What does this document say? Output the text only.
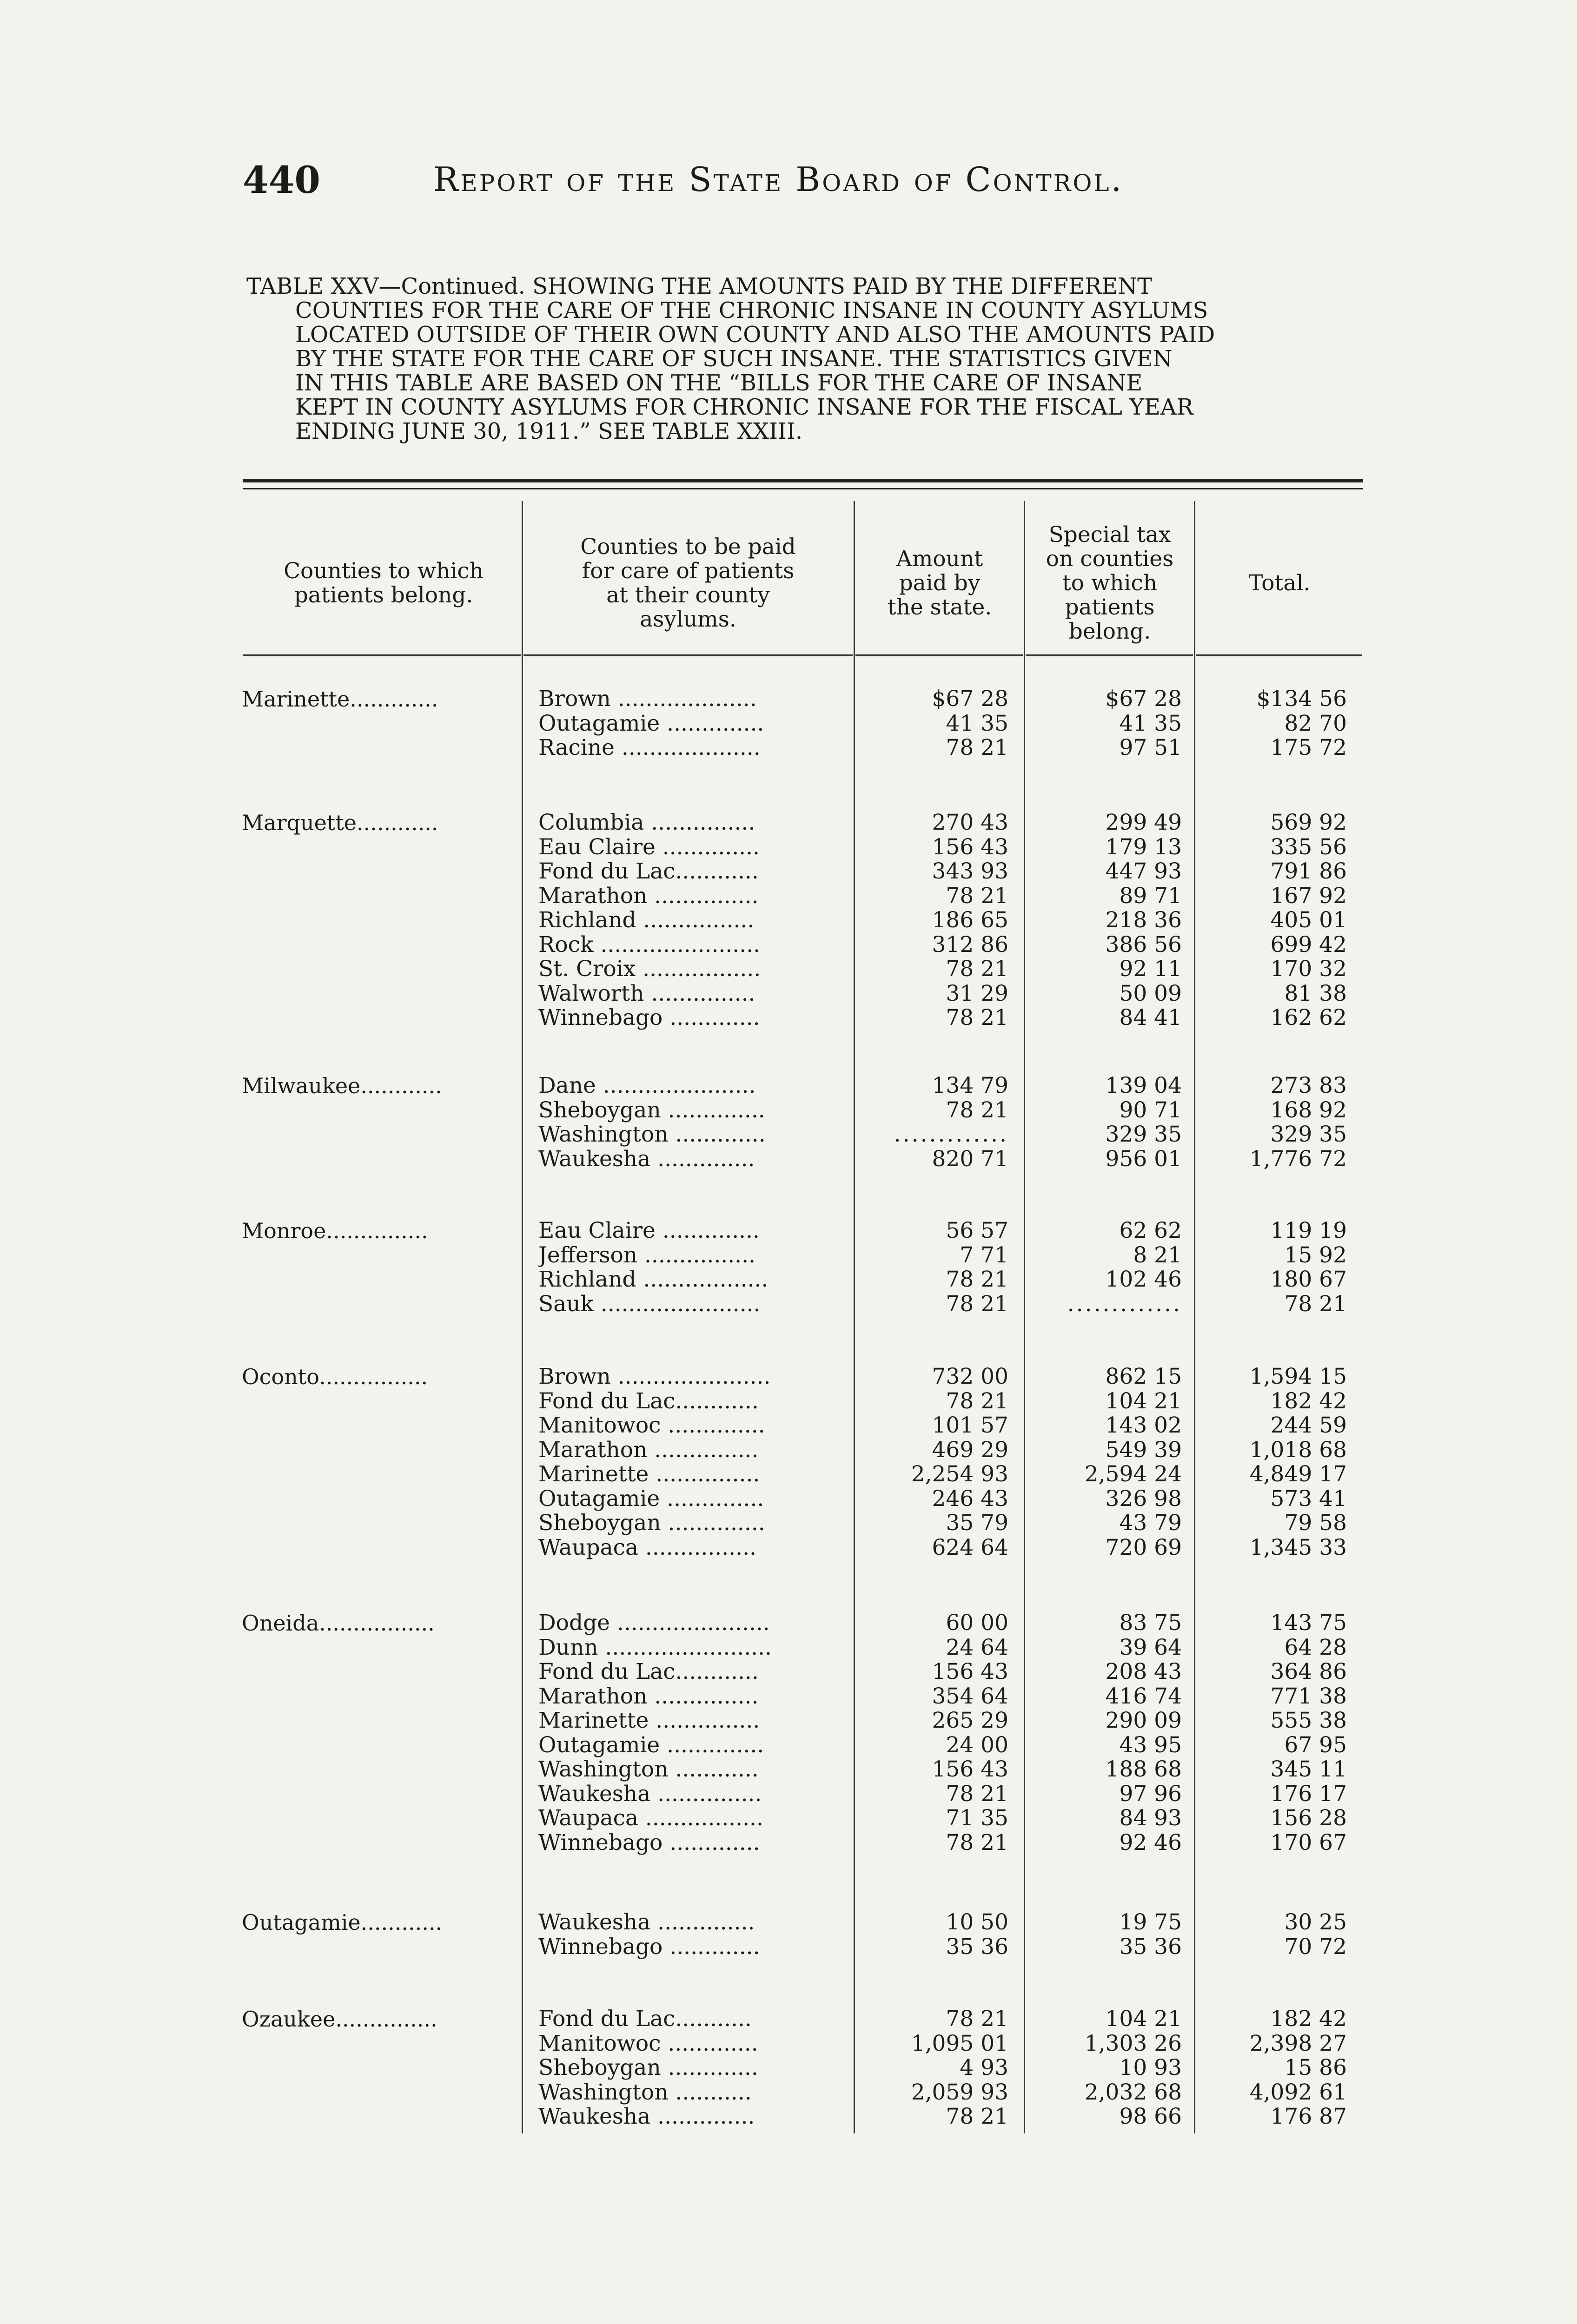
440	Report of the State Board of Control.
TABLE XXV—Continued. SHOWING THE AMOUNTS PAID BY THE DIFFERENT
COUNTIES FOR THE CARE OF THE CHRONIC INSANE IN COUNTY ASYLUMS
LOCATED OUTSIDE OF THEIR OWN COUNTY AND ALSO THE AMOUNTS PAID
BY THE STATE FOR THE CARE OF SUCH INSANE. THE STATISTICS GIVEN
IN THIS TABLE ARE BASED ON THE “BILLS FOR THE CARE OF INSANE
KEPT IN COUNTY ASYLUMS FOR CHRONIC INSANE FOR THE FISCAL YEAR
ENDING JUNE 30, 1911.” SEE TABLE XXIII.
Counties to which
patients belong.
Counties to be paid
for care of patients
at their county
asylums.
Amount
paid by
the state.
Special tax
on counties
to which
patients
belong.
Total.
Marinette.............	Brown ....................	$67 28	$67 28	$134 56
Outagamie ..............	41 35	41 35	82 70
Racine ....................	78 21	97 51	175 72
Marquette............	Columbia ...............	270 43	299 49	569 92
Eau Claire ..............	156 43	179 13	335 56
Fond du Lac............	343 93	447 93	791 86
Marathon ...............	78 21	89 71	167 92
Richland ................	186 65	218 36	405 01
Rock .......................	312 86	386 56	699 42
St. Croix .................	78 21	92 11	170 32
Walworth ...............	31 29	50 09	81 38
Winnebago .............	78 21	84 41	162 62
Milwaukee............	Dane ......................	134 79	139 04	273 83
Sheboygan ..............	78 21	90 71	168 92
Washington .............	.............	329 35	329 35
Waukesha ..............	820 71	956 01	1,776 72
Monroe...............	Eau Claire ..............	56 57	62 62	119 19
Jefferson ................	7 71	8 21	15 92
Richland ..................	78 21	102 46	180 67
Sauk .......................	78 21	.............	78 21
Oconto................	Brown ......................	732 00	862 15	1,594 15
Fond du Lac............	78 21	104 21	182 42
Manitowoc ..............	101 57	143 02	244 59
Marathon ...............	469 29	549 39	1,018 68
Marinette ...............	2,254 93	2,594 24	4,849 17
Outagamie ..............	246 43	326 98	573 41
Sheboygan ..............	35 79	43 79	79 58
Waupaca ................	624 64	720 69	1,345 33
Oneida.................	Dodge ......................	60 00	83 75	143 75
Dunn ........................	24 64	39 64	64 28
Fond du Lac............	156 43	208 43	364 86
Marathon ...............	354 64	416 74	771 38
Marinette ...............	265 29	290 09	555 38
Outagamie ..............	24 00	43 95	67 95
Washington ............	156 43	188 68	345 11
Waukesha ...............	78 21	97 96	176 17
Waupaca .................	71 35	84 93	156 28
Winnebago .............	78 21	92 46	170 67
Outagamie............	Waukesha ..............	10 50	19 75	30 25
Winnebago .............	35 36	35 36	70 72
Ozaukee...............	Fond du Lac...........	78 21	104 21	182 42
Manitowoc .............	1,095 01	1,303 26	2,398 27
Sheboygan .............	4 93	10 93	15 86
Washington ...........	2,059 93	2,032 68	4,092 61
Waukesha ..............	78 21	98 66	176 87
